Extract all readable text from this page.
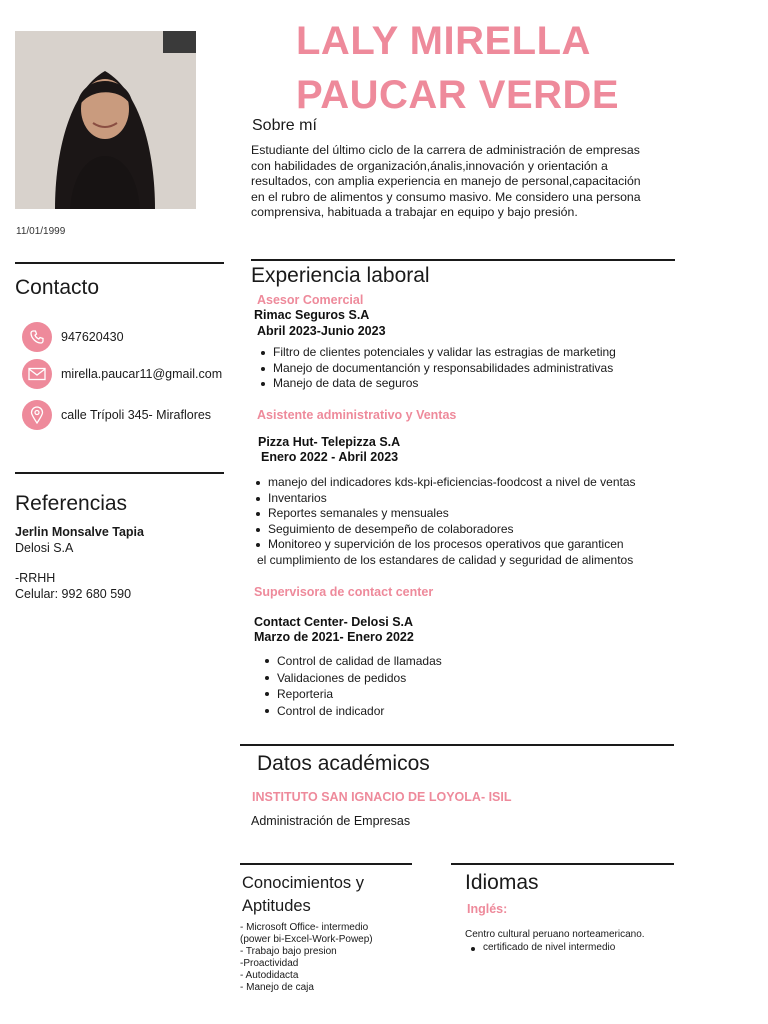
11/01/1999
LALY MIRELLA
PAUCAR VERDE
Sobre mí
Estudiante del último ciclo de la carrera de administración de empresas con habilidades de organización,ánalis,innovación y orientación a resultados, con amplia experiencia en manejo de personal,capacitación en el rubro de alimentos y consumo masivo. Me considero una persona comprensiva, habituada a trabajar en equipo y bajo presión.
Contacto
947620430
mirella.paucar11@gmail.com
calle Trípoli 345- Miraflores
Referencias
Jerlin Monsalve Tapia
Delosi S.A
-RRHH
Celular: 992 680 590
Experiencia laboral
Asesor Comercial
Rimac Seguros S.A
Abril 2023-Junio 2023
Filtro de clientes potenciales y validar las estragias de marketing
Manejo de documentanción y responsabilidades administrativas
Manejo de data de seguros
Asistente administrativo y Ventas
Pizza Hut- Telepizza S.A
Enero 2022 - Abril 2023
manejo del indicadores kds-kpi-eficiencias-foodcost a nivel de ventas
Inventarios
Reportes semanales y mensuales
Seguimiento de desempeño de colaboradores
Monitoreo y supervición de los procesos operativos que garanticen
el cumplimiento de los estandares de calidad y seguridad de alimentos
Supervisora de contact center
Contact Center- Delosi S.A
Marzo de 2021- Enero 2022
Control de calidad de llamadas
Validaciones de pedidos
Reporteria
Control de indicador
Datos académicos
INSTITUTO SAN IGNACIO DE LOYOLA- ISIL
Administración de Empresas
Conocimientos y
Aptitudes
- Microsoft Office- intermedio
(power bi-Excel-Work-Powep)
- Trabajo bajo presion
-Proactividad
- Autodidacta
- Manejo de caja
Idiomas
Inglés:
Centro cultural peruano norteamericano.
certificado de nivel intermedio
